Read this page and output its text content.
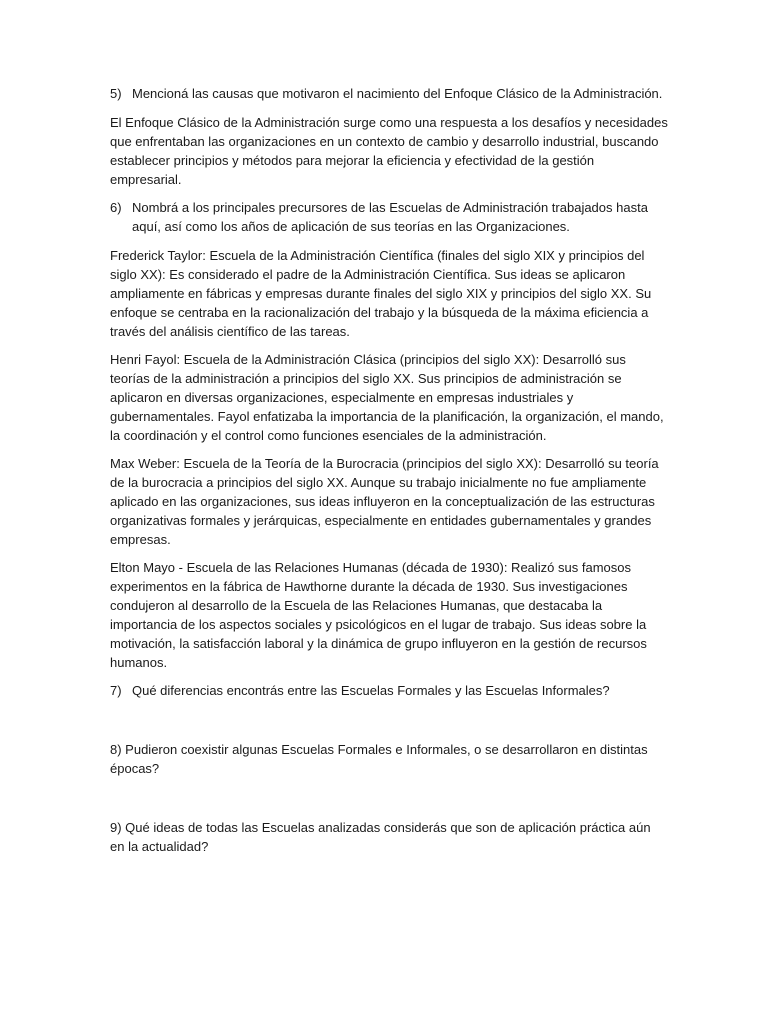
5) Mencioná las causas que motivaron el nacimiento del Enfoque Clásico de la Administración.

El Enfoque Clásico de la Administración surge como una respuesta a los desafíos y necesidades que enfrentaban las organizaciones en un contexto de cambio y desarrollo industrial, buscando establecer principios y métodos para mejorar la eficiencia y efectividad de la gestión empresarial.

6) Nombrá a los principales precursores de las Escuelas de Administración trabajados hasta aquí, así como los años de aplicación de sus teorías en las Organizaciones.

Frederick Taylor: Escuela de la Administración Científica (finales del siglo XIX y principios del siglo XX): Es considerado el padre de la Administración Científica. Sus ideas se aplicaron ampliamente en fábricas y empresas durante finales del siglo XIX y principios del siglo XX. Su enfoque se centraba en la racionalización del trabajo y la búsqueda de la máxima eficiencia a través del análisis científico de las tareas.

Henri Fayol: Escuela de la Administración Clásica (principios del siglo XX): Desarrolló sus teorías de la administración a principios del siglo XX. Sus principios de administración se aplicaron en diversas organizaciones, especialmente en empresas industriales y gubernamentales. Fayol enfatizaba la importancia de la planificación, la organización, el mando, la coordinación y el control como funciones esenciales de la administración.

Max Weber: Escuela de la Teoría de la Burocracia (principios del siglo XX): Desarrolló su teoría de la burocracia a principios del siglo XX. Aunque su trabajo inicialmente no fue ampliamente aplicado en las organizaciones, sus ideas influyeron en la conceptualización de las estructuras organizativas formales y jerárquicas, especialmente en entidades gubernamentales y grandes empresas.

Elton Mayo - Escuela de las Relaciones Humanas (década de 1930): Realizó sus famosos experimentos en la fábrica de Hawthorne durante la década de 1930. Sus investigaciones condujeron al desarrollo de la Escuela de las Relaciones Humanas, que destacaba la importancia de los aspectos sociales y psicológicos en el lugar de trabajo. Sus ideas sobre la motivación, la satisfacción laboral y la dinámica de grupo influyeron en la gestión de recursos humanos.

7) Qué diferencias encontrás entre las Escuelas Formales y las Escuelas Informales?

8) Pudieron coexistir algunas Escuelas Formales e Informales, o se desarrollaron en distintas épocas?

9) Qué ideas de todas las Escuelas analizadas considerás que son de aplicación práctica aún en la actualidad?
